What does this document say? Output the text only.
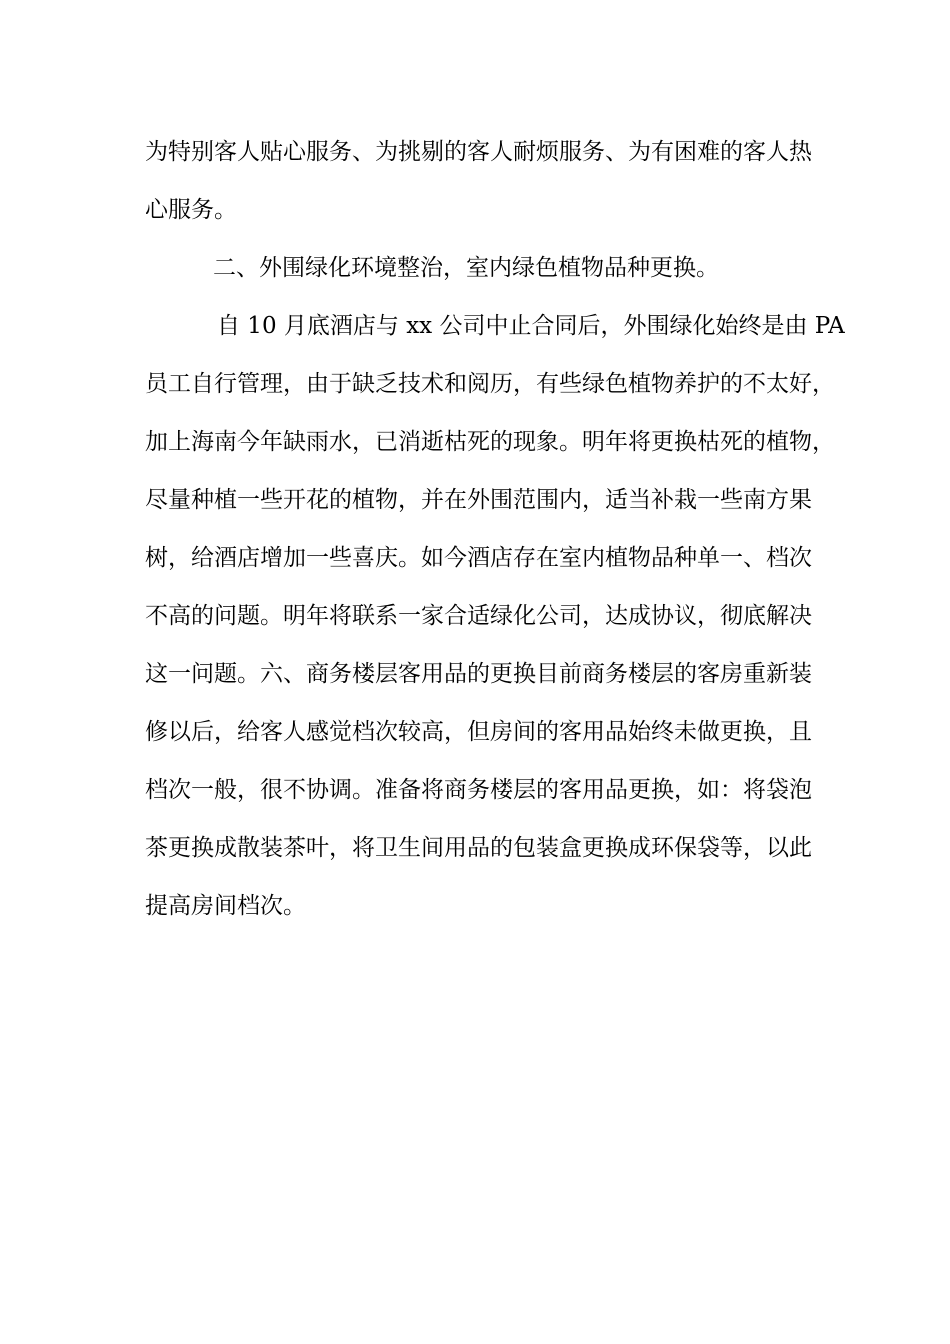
为特别客人贴心服务、为挑剔的客人耐烦服务、为有困难的客人热
心服务。
二、外围绿化环境整治，室内绿色植物品种更换。
自 10 月底酒店与 xx 公司中止合同后，外围绿化始终是由 PA
员工自行管理，由于缺乏技术和阅历，有些绿色植物养护的不太好，
加上海南今年缺雨水，已消逝枯死的现象。明年将更换枯死的植物，
尽量种植一些开花的植物，并在外围范围内，适当补栽一些南方果
树，给酒店增加一些喜庆。如今酒店存在室内植物品种单一、档次
不高的问题。明年将联系一家合适绿化公司，达成协议，彻底解决
这一问题。六、商务楼层客用品的更换目前商务楼层的客房重新装
修以后，给客人感觉档次较高，但房间的客用品始终未做更换，且
档次一般，很不协调。准备将商务楼层的客用品更换，如：将袋泡
茶更换成散装茶叶，将卫生间用品的包装盒更换成环保袋等，以此
提高房间档次。
